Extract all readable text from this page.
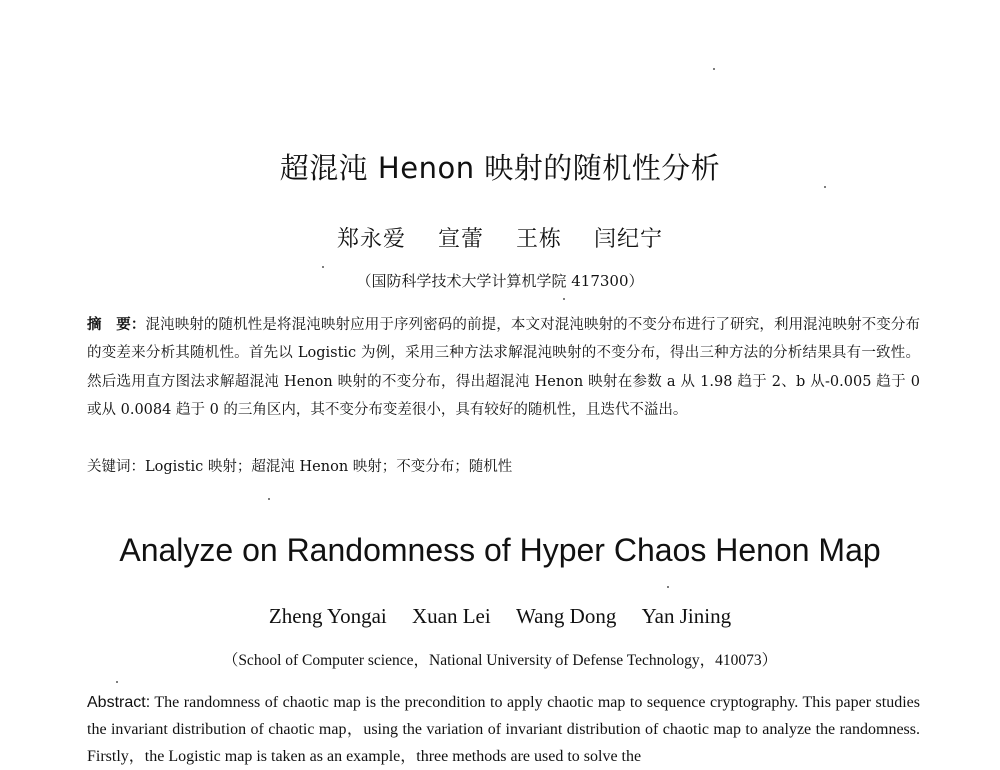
超混沌 Henon 映射的随机性分析
郑永爱 宣蕾 王栋 闫纪宁
（国防科学技术大学计算机学院 417300）

摘　要：混沌映射的随机性是将混沌映射应用于序列密码的前提，本文对混沌映射的不变分布进行了研究，利用混沌映射不变分布的变差来分析其随机性。首先以 Logistic 为例，采用三种方法求解混沌映射的不变分布，得出三种方法的分析结果具有一致性。然后选用直方图法求解超混沌 Henon 映射的不变分布，得出超混沌 Henon 映射在参数 a 从 1.98 趋于 2、b 从-0.005 趋于 0 或从 0.0084 趋于 0 的三角区内，其不变分布变差很小，具有较好的随机性，且迭代不溢出。

关键词：Logistic 映射；超混沌 Henon 映射；不变分布；随机性
Analyze on Randomness of Hyper Chaos Henon Map
Zheng Yongai Xuan Lei Wang Dong Yan Jining
（School of Computer science，National University of Defense Technology，410073）

Abstract: The randomness of chaotic map is the precondition to apply chaotic map to sequence cryptography. This paper studies the invariant distribution of chaotic map，using the variation of invariant distribution of chaotic map to analyze the randomness. Firstly，the Logistic map is taken as an example，three methods are used to solve the
